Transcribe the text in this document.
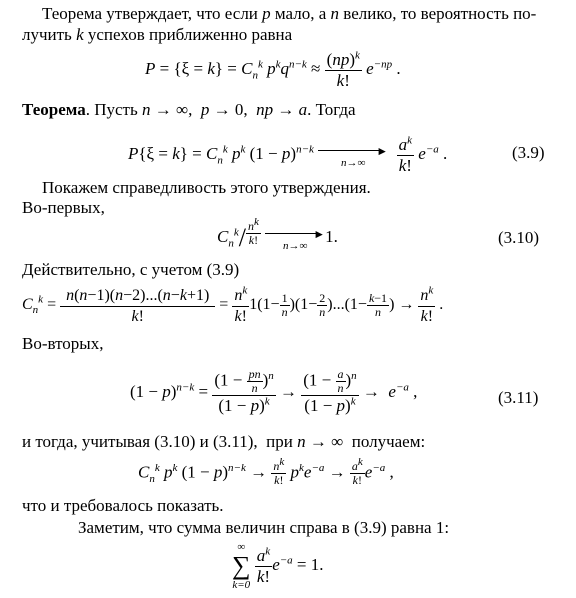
Теорема утверждает, что если p мало, а n велико, то вероятность по-
лучить k успехов приближенно равна
$P = \{\xi = k\} = C_n^k$ $p^kq^{n-k} \approx \frac{(np)^k}{k!} e^{-np}$ .
Теорема. Пусть n → ∞,  p → 0,  np → a. Тогда
$P\{\xi = k\} = C_n^k$ $p^k$ $(1 - p)^{n-k}$	►
n→∞
	$\frac{a^k}{k!} e^{-a}$ .	(3.9)
Покажем справедливость этого утверждения.
Во-первых,
$C_n^k/ \frac{n^k}{k!}$
	►
n→∞
1.	(3.10)
Действительно, с учетом (3.9)
$C_n^k = \frac{n(n-1)(n-2)...(n-k+1)}{k!} = \frac{n^k}{k!} 1(1- \frac{1}{n} )(1- \frac{2}{n} )...(1- \frac{k-1}{n}$ ) → $\frac{n^k}{k!}$ .
Во-вторых,
$(1 - p)^{n-k}$ =
$(1 - \frac{pn}{n} )^n$
$(1 - p)^k$
→ $\frac{(1 - \frac{a}{n} )^n}{(1 - p)^k} \to e^{-a}$ ,	(3.11)
и тогда, учитывая (3.10) и (3.11),  при n → ∞  получаем:
$C_n^k$ $p^k$ $(1 - p)^{n-k} \to \frac{n^k}{k!} p^ke^{-a} \to \frac{a^k}{k!} e^{-a}$ ,
что и требовалось показать.
Заметим, что сумма величин справа в (3.9) равна 1:
∞
∑
$k=0 \frac{a^k}{k!} e^{-a} = 1$.
